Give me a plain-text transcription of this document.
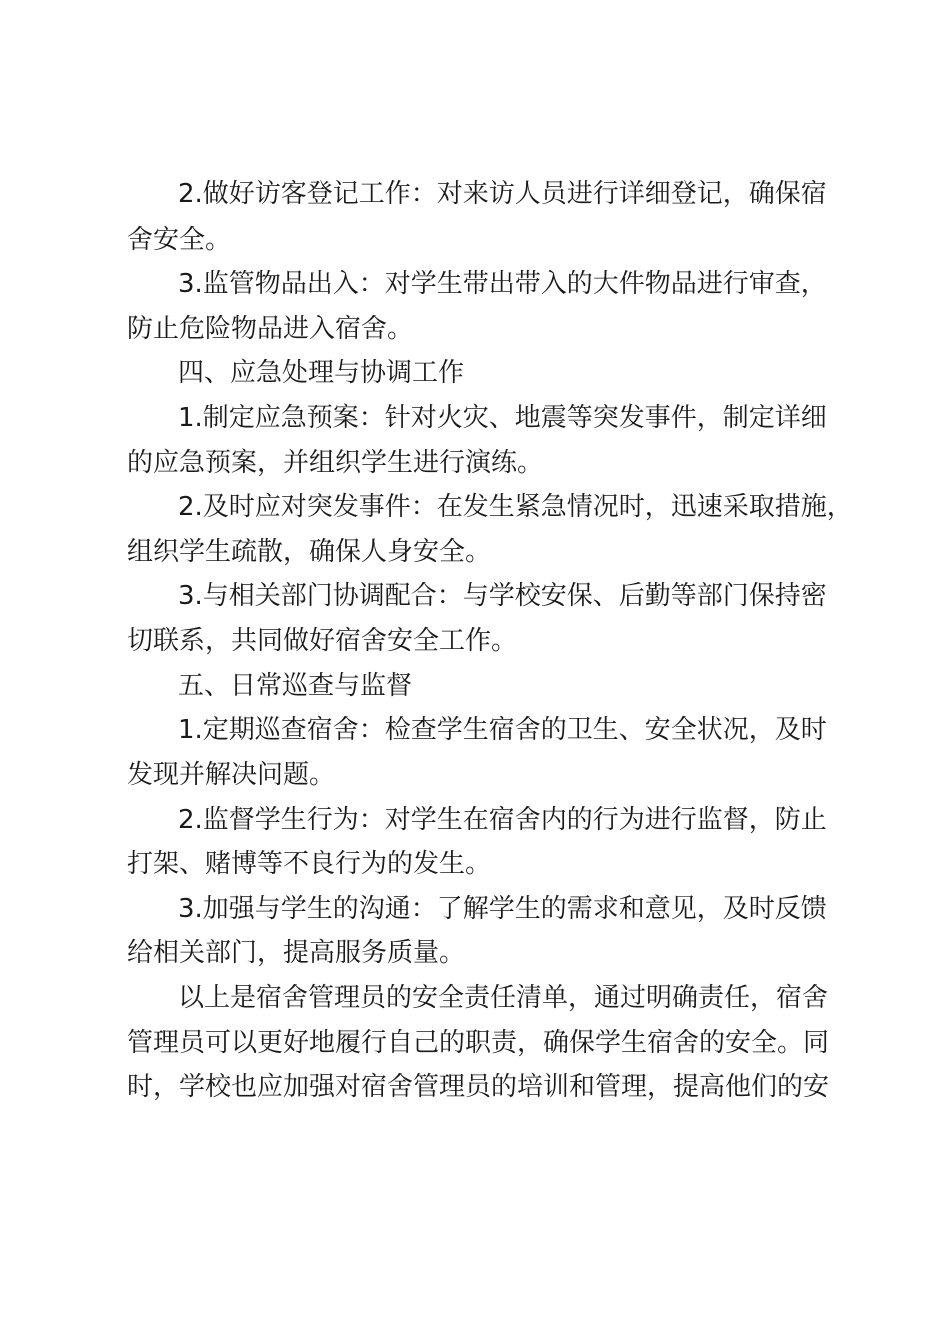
2.做好访客登记工作：对来访人员进行详细登记，确保宿
舍安全。
3.监管物品出入：对学生带出带入的大件物品进行审查，
防止危险物品进入宿舍。
四、应急处理与协调工作
1.制定应急预案：针对火灾、地震等突发事件，制定详细
的应急预案，并组织学生进行演练。
2.及时应对突发事件：在发生紧急情况时，迅速采取措施，
组织学生疏散，确保人身安全。
3.与相关部门协调配合：与学校安保、后勤等部门保持密
切联系，共同做好宿舍安全工作。
五、日常巡查与监督
1.定期巡查宿舍：检查学生宿舍的卫生、安全状况，及时
发现并解决问题。
2.监督学生行为：对学生在宿舍内的行为进行监督，防止
打架、赌博等不良行为的发生。
3.加强与学生的沟通：了解学生的需求和意见，及时反馈
给相关部门，提高服务质量。
以上是宿舍管理员的安全责任清单，通过明确责任，宿舍
管理员可以更好地履行自己的职责，确保学生宿舍的安全。同
时，学校也应加强对宿舍管理员的培训和管理，提高他们的安
